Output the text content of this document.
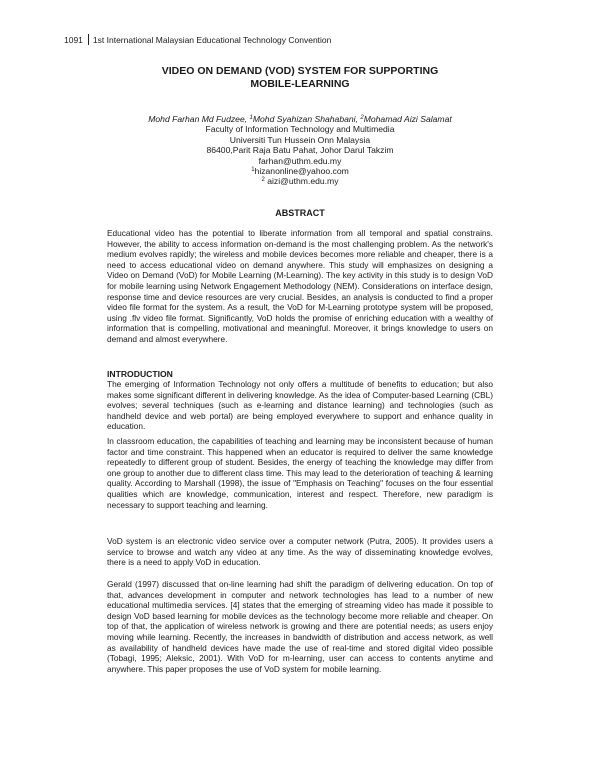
1091 1st International Malaysian Educational Technology Convention
VIDEO ON DEMAND (VOD) SYSTEM FOR SUPPORTING
MOBILE-LEARNING
Mohd Farhan Md Fudzee, $^1$Mohd Syahizan Shahabani, $^2$Mohamad Aizi Salamat
Faculty of Information Technology and Multimedia
Universiti Tun Hussein Onn Malaysia
86400,Parit Raja Batu Pahat, Johor Darul Takzim
farhan@uthm.edu.my
$^1$hizanonline@yahoo.com
$^2$ aizi@uthm.edu.my
ABSTRACT

Educational video has the potential to liberate information from all temporal and spatial constrains. However, the ability to access information on-demand is the most challenging problem. As the network's medium evolves rapidly; the wireless and mobile devices becomes more reliable and cheaper, there is a need to access educational video on demand anywhere. This study will emphasizes on designing a Video on Demand (VoD) for Mobile Learning (M-Learning). The key activity in this study is to design VoD for mobile learning using Network Engagement Methodology (NEM). Considerations on interface design, response time and device resources are very crucial. Besides, an analysis is conducted to find a proper video file format for the system. As a result, the VoD for M-Learning prototype system will be proposed, using .flv video file format. Significantly, VoD holds the promise of enriching education with a wealthy of information that is compelling, motivational and meaningful. Moreover, it brings knowledge to users on demand and almost everywhere.

INTRODUCTION

The emerging of Information Technology not only offers a multitude of benefits to education; but also makes some significant different in delivering knowledge. As the idea of Computer-based Learning (CBL) evolves; several techniques (such as e-learning and distance learning) and technologies (such as handheld device and web portal) are being employed everywhere to support and enhance quality in education.

In classroom education, the capabilities of teaching and learning may be inconsistent because of human factor and time constraint. This happened when an educator is required to deliver the same knowledge repeatedly to different group of student. Besides, the energy of teaching the knowledge may differ from one group to another due to different class time. This may lead to the deterioration of teaching & learning quality. According to Marshall (1998), the issue of "Emphasis on Teaching" focuses on the four essential qualities which are knowledge, communication, interest and respect. Therefore, new paradigm is necessary to support teaching and learning.

VoD system is an electronic video service over a computer network (Putra, 2005). It provides users a service to browse and watch any video at any time. As the way of disseminating knowledge evolves, there is a need to apply VoD in education.

Gerald (1997) discussed that on-line learning had shift the paradigm of delivering education. On top of that, advances development in computer and network technologies has lead to a number of new educational multimedia services. [4] states that the emerging of streaming video has made it possible to design VoD based learning for mobile devices as the technology become more reliable and cheaper. On top of that, the application of wireless network is growing and there are potential needs; as users enjoy moving while learning. Recently, the increases in bandwidth of distribution and access network, as well as availability of handheld devices have made the use of real-time and stored digital video possible (Tobagi, 1995; Aleksic, 2001). With VoD for m-learning, user can access to contents anytime and anywhere. This paper proposes the use of VoD system for mobile learning.
